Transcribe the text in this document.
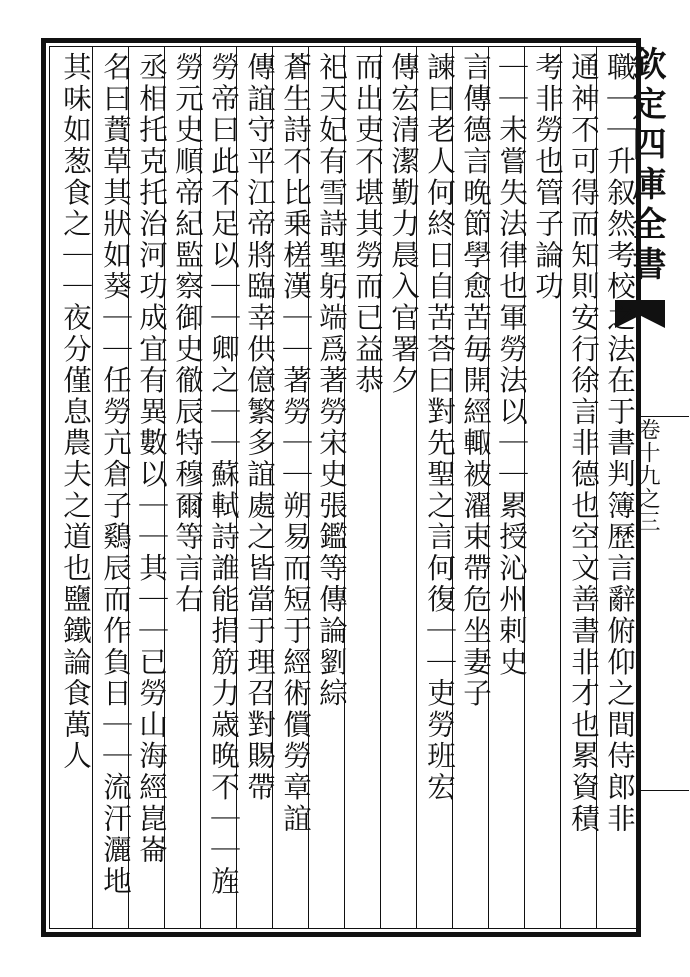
欽定四庫全書
卷十九之三
職｜｜升叙然考校之法在于書判簿歷言辭俯仰之間侍郎非
通神不可得而知則安行徐言非德也空文善書非才也累資積
考非勞也管子論功
｜｜未嘗失法律也軍勞法以｜｜累授沁州剌史
言傳德言晚節學愈苦毎開經輙被濯束帶危坐妻子
諫曰老人何終日自苦荅曰對先聖之言何復｜｜吏勞班宏
傳宏清潔勤力晨入官署夕
而出吏不堪其勞而已益恭
祀天妃有雪詩聖躬端爲著勞宋史張鑑等傳論劉綜
蒼生詩不比乗槎漢｜｜著勞｜｜朔易而短于經術償勞章誼
傳誼守平江帝將臨幸供億繁多誼處之皆當于理召對賜帶
勞帝曰此不足以｜｜卿之｜｜蘇軾詩誰能捐筋力歳晚不｜｜旌
勞元史順帝紀監察御史徹辰特穆爾等言右
丞相托克托治河功成宜有異數以｜｜其｜｜已勞山海經崑崙
名曰蕡草其狀如葵｜｜任勞亢倉子鷄辰而作負日｜｜流汗灑地
其味如葱食之｜｜夜分僅息農夫之道也鹽鐵論食萬人
